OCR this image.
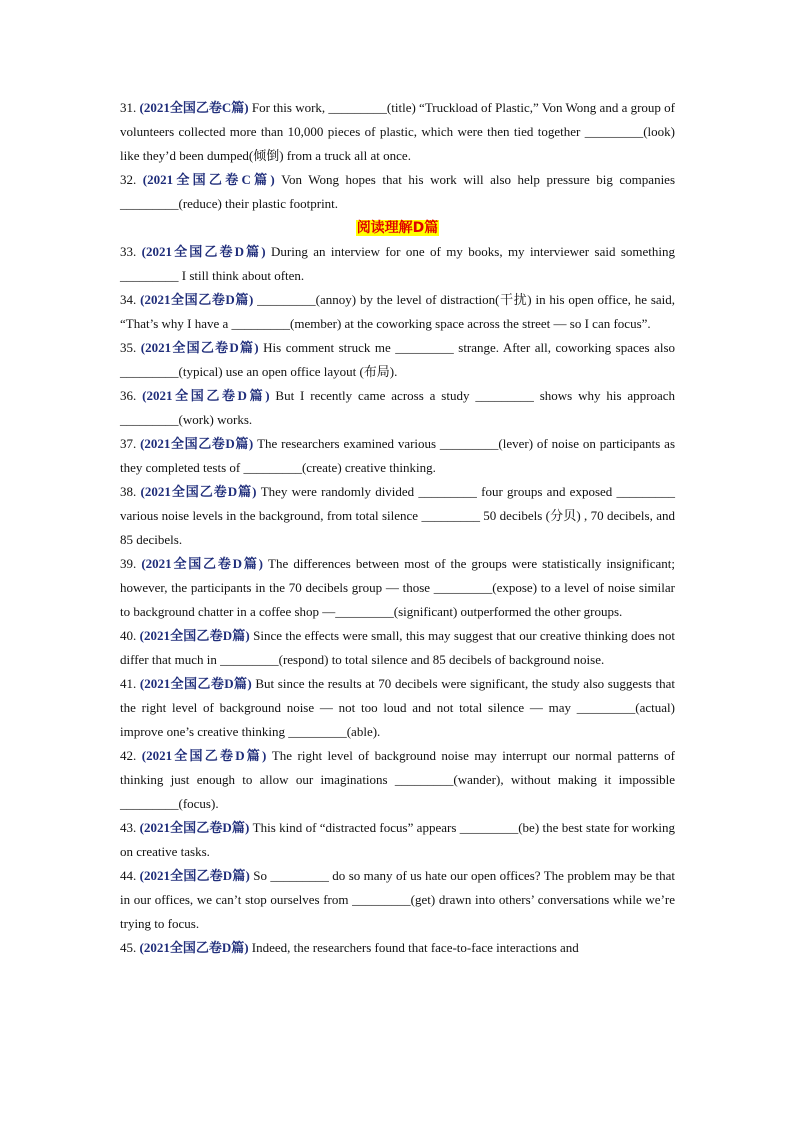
31. (2021全国乙卷C篇) For this work, _________(title) “Truckload of Plastic,” Von Wong and a group of volunteers collected more than 10,000 pieces of plastic, which were then tied together _________(look) like they’d been dumped(倾倒) from a truck all at once.

32. (2021全国乙卷C篇) Von Wong hopes that his work will also help pressure big companies _________(reduce) their plastic footprint.

阅读理解D篇

33. (2021全国乙卷D篇) During an interview for one of my books, my interviewer said something _________ I still think about often.

34. (2021全国乙卷D篇) _________(annoy) by the level of distraction(干扰) in his open office, he said, “That’s why I have a _________(member) at the coworking space across the street — so I can focus”.

35. (2021全国乙卷D篇) His comment struck me _________ strange. After all, coworking spaces also _________(typical) use an open office layout (布局).

36. (2021全国乙卷D篇) But I recently came across a study _________ shows why his approach _________(work) works.

37. (2021全国乙卷D篇) The researchers examined various _________(lever) of noise on participants as they completed tests of _________(create) creative thinking.

38. (2021全国乙卷D篇) They were randomly divided _________ four groups and exposed _________ various noise levels in the background, from total silence _________ 50 decibels (分贝) , 70 decibels, and 85 decibels.

39. (2021全国乙卷D篇) The differences between most of the groups were statistically insignificant; however, the participants in the 70 decibels group — those _________(expose) to a level of noise similar to background chatter in a coffee shop —_________(significant) outperformed the other groups.

40. (2021全国乙卷D篇) Since the effects were small, this may suggest that our creative thinking does not differ that much in _________(respond) to total silence and 85 decibels of background noise.

41. (2021全国乙卷D篇) But since the results at 70 decibels were significant, the study also suggests that the right level of background noise — not too loud and not total silence — may _________(actual) improve one’s creative thinking _________(able).

42. (2021全国乙卷D篇) The right level of background noise may interrupt our normal patterns of thinking just enough to allow our imaginations _________(wander), without making it impossible _________(focus).

43. (2021全国乙卷D篇) This kind of “distracted focus” appears _________(be) the best state for working on creative tasks.

44. (2021全国乙卷D篇) So _________ do so many of us hate our open offices? The problem may be that in our offices, we can’t stop ourselves from _________(get) drawn into others’ conversations while we’re trying to focus.

45. (2021全国乙卷D篇) Indeed, the researchers found that face-to-face interactions and
